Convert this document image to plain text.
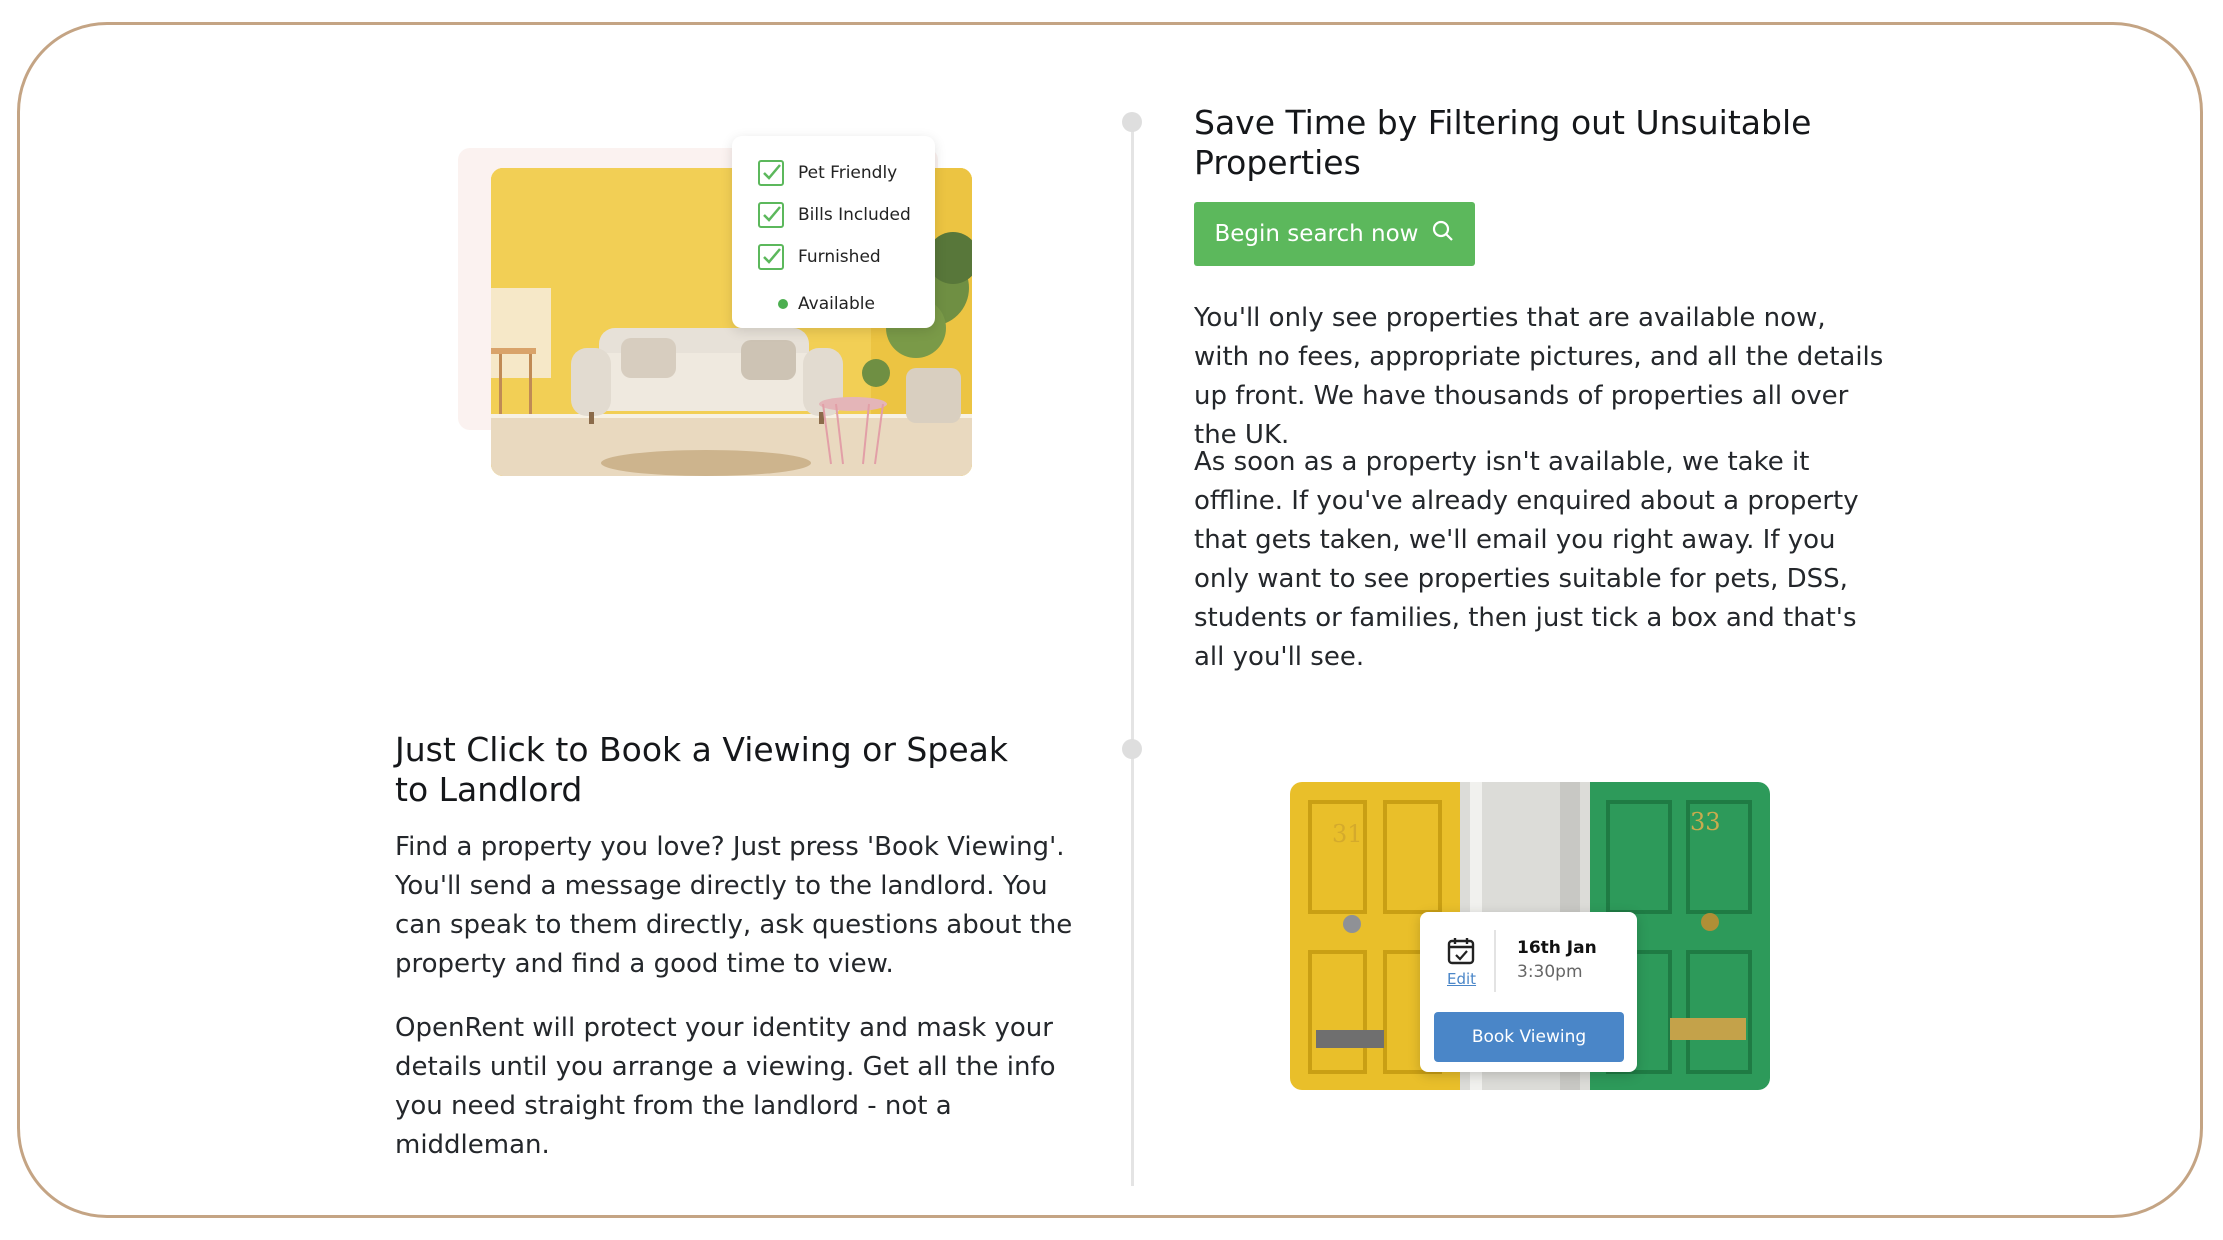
Pet Friendly
Bills Included
Furnished
Available
Save Time by Filtering out Unsuitable Properties
Begin search now

You'll only see properties that are available now, with no fees, appropriate pictures, and all the details up front. We have thousands of properties all over the UK.

As soon as a property isn't available, we take it offline. If you've already enquired about a property that gets taken, we'll email you right away. If you only want to see properties suitable for pets, DSS, students or families, then just tick a box and that's all you'll see.

Just Click to Book a Viewing or Speak to Landlord

Find a property you love? Just press 'Book Viewing'. You'll send a message directly to the landlord. You can speak to them directly, ask questions about the property and find a good time to view.

OpenRent will protect your identity and mask your details until you arrange a viewing. Get all the info you need straight from the landlord - not a middleman.

31	33
Edit
16th Jan
3:30pm
Book Viewing
